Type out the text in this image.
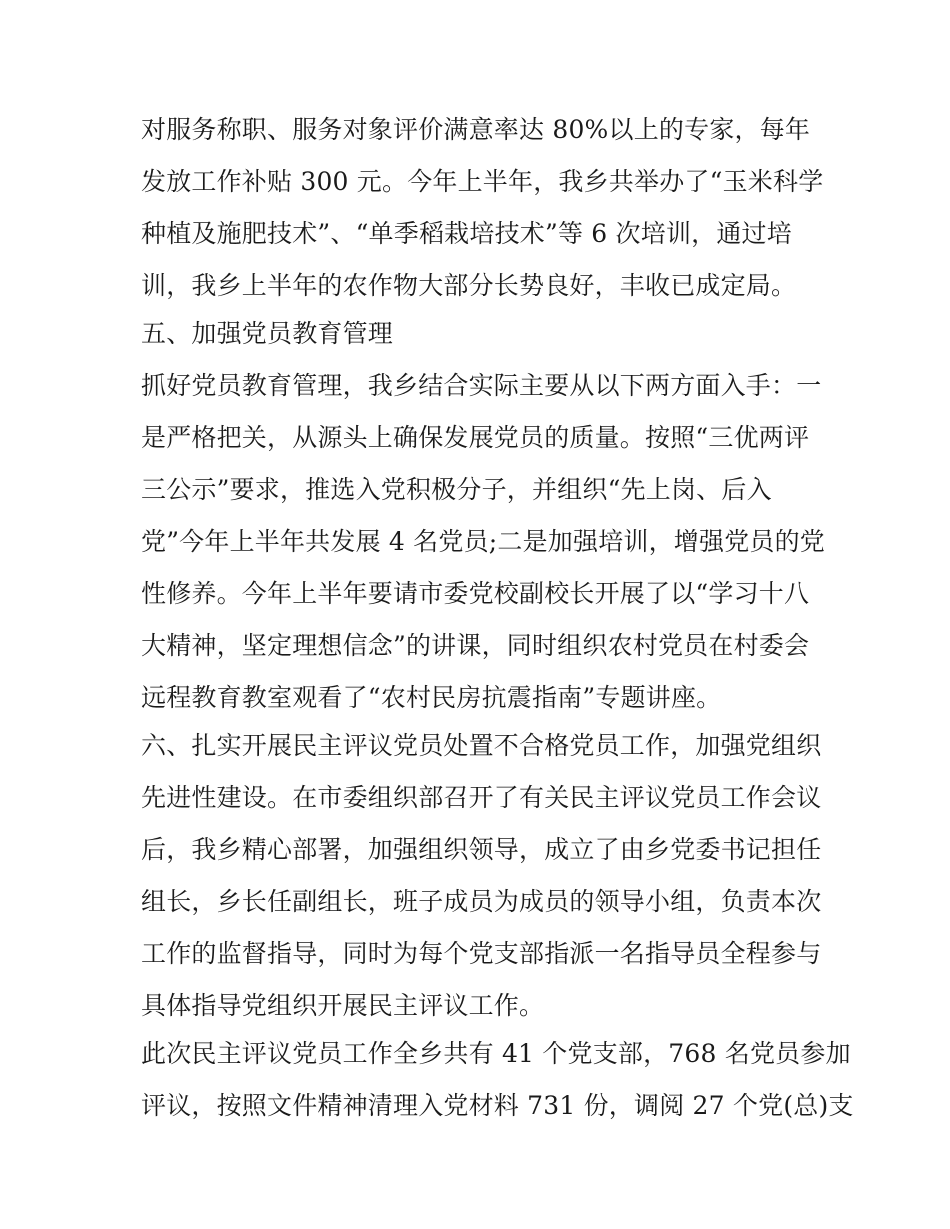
对服务称职、服务对象评价满意率达 80%以上的专家，每年
发放工作补贴 300 元。今年上半年，我乡共举办了“玉米科学
种植及施肥技术”、“单季稻栽培技术”等 6 次培训，通过培
训，我乡上半年的农作物大部分长势良好，丰收已成定局。
五、加强党员教育管理
抓好党员教育管理，我乡结合实际主要从以下两方面入手：一
是严格把关，从源头上确保发展党员的质量。按照“三优两评
三公示”要求，推选入党积极分子，并组织“先上岗、后入
党”今年上半年共发展 4 名党员;二是加强培训，增强党员的党
性修养。今年上半年要请市委党校副校长开展了以“学习十八
大精神，坚定理想信念”的讲课，同时组织农村党员在村委会
远程教育教室观看了“农村民房抗震指南”专题讲座。
六、扎实开展民主评议党员处置不合格党员工作，加强党组织
先进性建设。在市委组织部召开了有关民主评议党员工作会议
后，我乡精心部署，加强组织领导，成立了由乡党委书记担任
组长，乡长任副组长，班子成员为成员的领导小组，负责本次
工作的监督指导，同时为每个党支部指派一名指导员全程参与
具体指导党组织开展民主评议工作。
此次民主评议党员工作全乡共有 41 个党支部，768 名党员参加
评议，按照文件精神清理入党材料 731 份，调阅 27 个党(总)支
